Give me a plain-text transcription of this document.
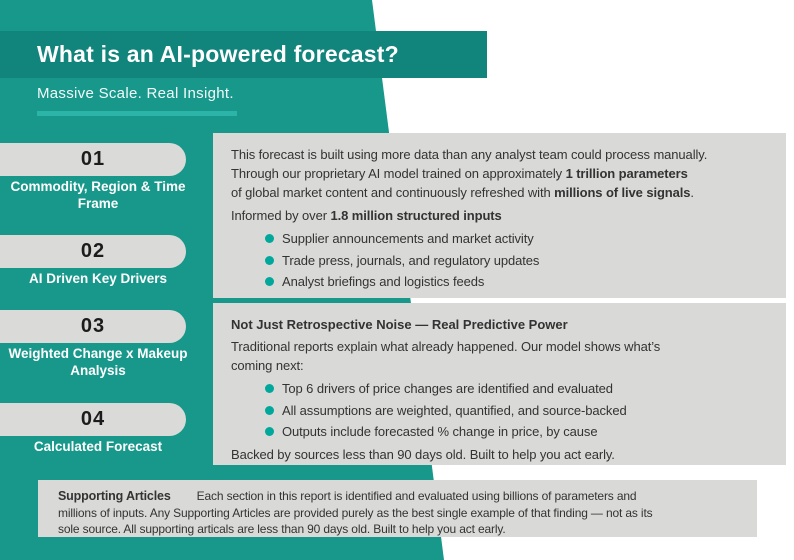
What is an AI-powered forecast?
Massive Scale. Real Insight.
01
Commodity, Region & Time Frame
02
AI Driven Key Drivers
03
Weighted Change x Makeup Analysis
04
Calculated Forecast
This forecast is built using more data than any analyst team could process manually.
Through our proprietary AI model trained on approximately 1 trillion parameters
of global market content and continuously refreshed with millions of live signals.
Informed by over 1.8 million structured inputs
Supplier announcements and market activity
Trade press, journals, and regulatory updates
Analyst briefings and logistics feeds
Not Just Retrospective Noise — Real Predictive Power
Traditional reports explain what already happened. Our model shows what’s
coming next:
Top 6 drivers of price changes are identified and evaluated
All assumptions are weighted, quantified, and source-backed
Outputs include forecasted % change in price, by cause
Backed by sources less than 90 days old. Built to help you act early.
Supporting Articles Each section in this report is identified and evaluated using billions of parameters and
millions of inputs. Any Supporting Articles are provided purely as the best single example of that finding — not as its
sole source. All supporting articals are less than 90 days old. Built to help you act early.
